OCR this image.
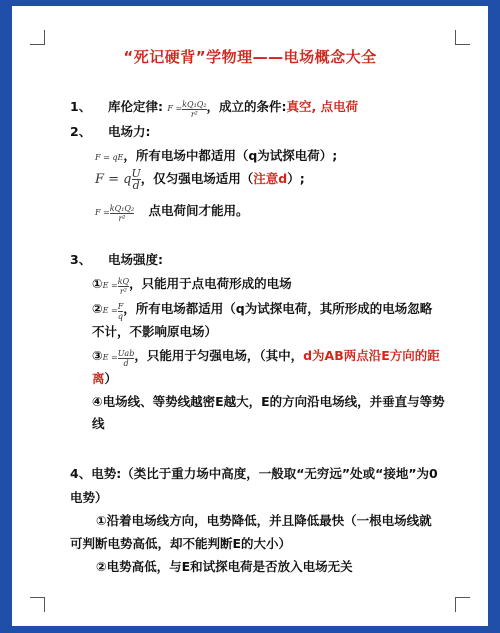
“死记硬背”学物理——电场概念大全
1、 库伦定律: $F = \frac{\text{kQ₁Q₂}}{\text{r²}}$ ，成立的条件:真空, 点电荷
2、 电场力:
F = qE，所有电场中都适用（q为试探电荷）;
F = q $\frac{U}{d}$ ，仅匀强电场适用（注意d）;
$F = \frac{\text{kQ₁Q₂}}{\text{r²}}$ 点电荷间才能用。
3、 电场强度:
①E = $\frac{kQ}{\text{r²}}$ ，只能用于点电荷形成的电场
②E = $\frac{F}{q}$ ，所有电场都适用（q为试探电荷，其所形成的电场忽略
不计，不影响原电场）
③E = $\frac{\text{Uab}}{d}$ ，只能用于匀强电场，（其中，d为AB两点沿E方向的距
离）
④电场线、等势线越密E越大，E的方向沿电场线，并垂直与等势
线
4、电势:（类比于重力场中高度，一般取“无穷远”处或“接地”为0
电势）
①沿着电场线方向，电势降低，并且降低最快（一根电场线就
可判断电势高低，却不能判断E的大小）
②电势高低，与E和试探电荷是否放入电场无关
